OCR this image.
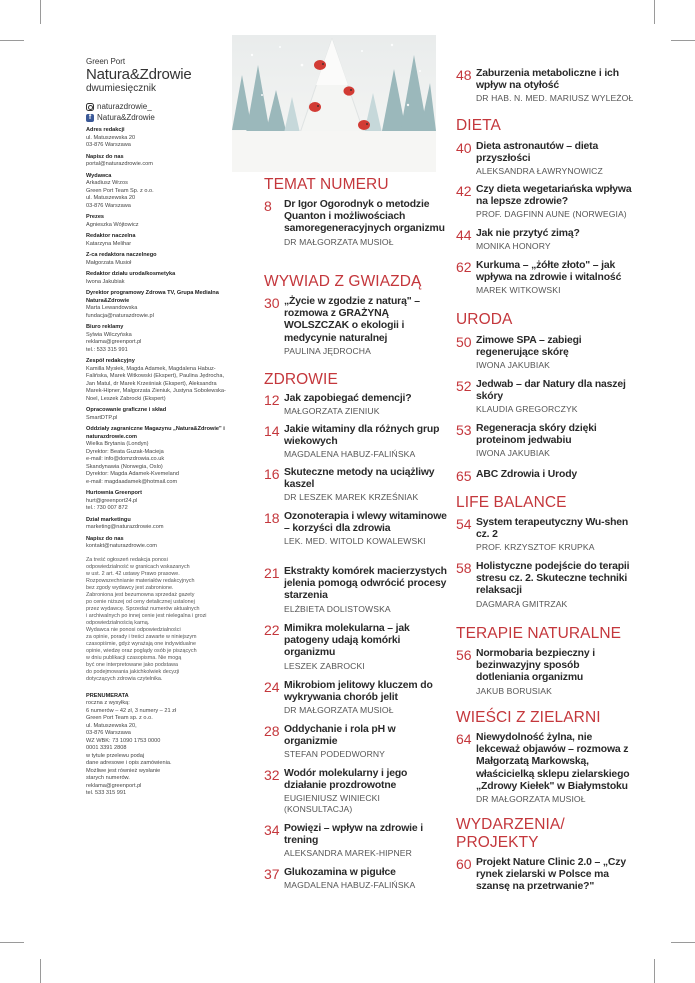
Green Port
Natura&Zdrowie
dwumiesięcznik
naturazdrowie_
f Natura&Zdrowie
Adres redakcji
ul. Matuszewska 20
03-876 Warszawa
Napisz do nas
portal@naturazdrowie.com
Wydawca
Arkadiusz Wrzos
Green Port Team Sp. z o.o.
ul. Matuszewska 20
03-876 Warszawa
Prezes
Agnieszka Wójtowicz
Redaktor naczelna
Katarzyna Melihar
Z-ca redaktora naczelnego
Małgorzata Musioł
Redaktor działu uroda/kosmetyka
Iwona Jakubiak
Dyrektor programowy Zdrowa TV, Grupa Medialna Natura&Zdrowie
Marta Lewandowska
fundacja@naturazdrowie.pl
Biuro reklamy
Sylwia Wilczyńska
reklama@greenport.pl
tel.: 533 315 991
Zespół redakcyjny
Kamilla Mysłek, Magda Adamek, Magdalena Habuz-Falińska, Marek Witkowski (Ekspert), Paulina Jędrocha, Jan Matul, dr Marek Krześniak (Ekspert), Aleksandra Marek-Hipner, Małgorzata Zieniuk, Justyna Sobolewska-Noel, Leszek Zabrocki (Ekspert)
Opracowanie graficzne i skład
SmartDTP.pl
Oddziały zagraniczne Magazynu „Natura&Zdrowie" i naturazdrowie.com
Wielka Brytania (Londyn)
Dyrektor: Beata Guzak-Macieja
e-mail: info@domzdrowia.co.uk
Skandynawia (Norwegia, Oslo)
Dyrektor: Magda Adamek-Kvemeland
e-mail: magdaadamek@hotmail.com
Hurtownia Greenport
hurt@greenport24.pl
tel.: 730 007 872
Dział marketingu
marketing@naturazdrowie.com
Napisz do nas
kontakt@naturazdrowie.com
Za treść ogłoszeń redakcja ponosi
odpowiedzialność w granicach wskazanych
w ust. 2 art. 42 ustawy Prawo prasowe.
Rozpowszechnianie materiałów redakcyjnych
bez zgody wydawcy jest zabronione.
Zabroniona jest bezumowna sprzedaż gazety
po cenie niższej od ceny detalicznej ustalonej
przez wydawcę. Sprzedaż numerów aktualnych
i archiwalnych po innej cenie jest nielegalna i grozi
odpowiedzialnością karną.
Wydawca nie ponosi odpowiedzialności
za opinie, porady i treści zawarte w niniejszym
czasopiśmie, gdyż wyrażają one indywidualne
opinie, wiedzę oraz poglądy osób je piszących
w dniu publikacji czasopisma. Nie mogą
być one interpretowane jako podstawa
do podejmowania jakichkolwiek decyzji
dotyczących zdrowia czytelnika.
PRENUMERATA
roczna z wysyłką:
6 numerów – 42 zł, 3 numery – 21 zł
Green Port Team sp. z o.o.
ul. Matuszewska 20,
03-876 Warszawa
WZ WBK: 73 1090 1753 0000
0001 3391 2808
w tytule przelewu podaj
dane adresowe i opis zamówienia.
Możliwe jest również wysłanie
starych numerów.
reklama@greenport.pl
tel. 533 315 991
TEMAT NUMERU
8 Dr Igor Ogorodnyk o metodzie Quanton i możliwościach samoregeneracyjnych organizmu
DR MAŁGORZATA MUSIOŁ
WYWIAD Z GWIAZDĄ
30 „Życie w zgodzie z naturą" – rozmowa z GRAŻYNĄ WOLSZCZAK o ekologii i medycynie naturalnej
PAULINA JĘDROCHA
ZDROWIE
12 Jak zapobiegać demencji?
MAŁGORZATA ZIENIUK
14 Jakie witaminy dla różnych grup wiekowych
MAGDALENA HABUZ-FALIŃSKA
16 Skuteczne metody na uciążliwy kaszel
DR LESZEK MAREK KRZEŚNIAK
18 Ozonoterapia i wlewy witaminowe – korzyści dla zdrowia
LEK. MED. WITOLD KOWALEWSKI
21 Ekstrakty komórek macierzystych jelenia pomogą odwrócić procesy starzenia
ELŻBIETA DOLISTOWSKA
22 Mimikra molekularna – jak patogeny udają komórki organizmu
LESZEK ZABROCKI
24 Mikrobiom jelitowy kluczem do wykrywania chorób jelit
DR MAŁGORZATA MUSIOŁ
28 Oddychanie i rola pH w organizmie
STEFAN PODEDWORNY
32 Wodór molekularny i jego działanie prozdrowotne
EUGIENIUSZ WINIECKI (KONSULTACJA)
34 Powięzi – wpływ na zdrowie i trening
ALEKSANDRA MAREK-HIPNER
37 Glukozamina w pigułce
MAGDALENA HABUZ-FALIŃSKA
48 Zaburzenia metaboliczne i ich wpływ na otyłość
DR HAB. N. MED. MARIUSZ WYLEŻOŁ
DIETA
40 Dieta astronautów – dieta przyszłości
ALEKSANDRA ŁAWRYNOWICZ
42 Czy dieta wegetariańska wpływa na lepsze zdrowie?
PROF. DAGFINN AUNE (NORWEGIA)
44 Jak nie przytyć zimą?
MONIKA HONORY
62 Kurkuma – „żółte złoto" – jak wpływa na zdrowie i witalność
MAREK WITKOWSKI
URODA
50 Zimowe SPA – zabiegi regenerujące skórę
IWONA JAKUBIAK
52 Jedwab – dar Natury dla naszej skóry
KLAUDIA GREGORCZYK
53 Regeneracja skóry dzięki proteinom jedwabiu
IWONA JAKUBIAK
65 ABC Zdrowia i Urody
LIFE BALANCE
54 System terapeutyczny Wu-shen cz. 2
PROF. KRZYSZTOF KRUPKA
58 Holistyczne podejście do terapii stresu cz. 2. Skuteczne techniki relaksacji
DAGMARA GMITRZAK
TERAPIE NATURALNE
56 Normobaria bezpieczny i bezinwazyjny sposób dotleniania organizmu
JAKUB BORUSIAK
WIEŚCI Z ZIELARNI
64 Niewydolność żylna, nie lekceważ objawów – rozmowa z Małgorzatą Markowską, właścicielką sklepu zielarskiego „Zdrowy Kiełek" w Białymstoku
DR MAŁGORZATA MUSIOŁ
WYDARZENIA/ PROJEKTY
60 Projekt Nature Clinic 2.0 – „Czy rynek zielarski w Polsce ma szansę na przetrwanie?"
